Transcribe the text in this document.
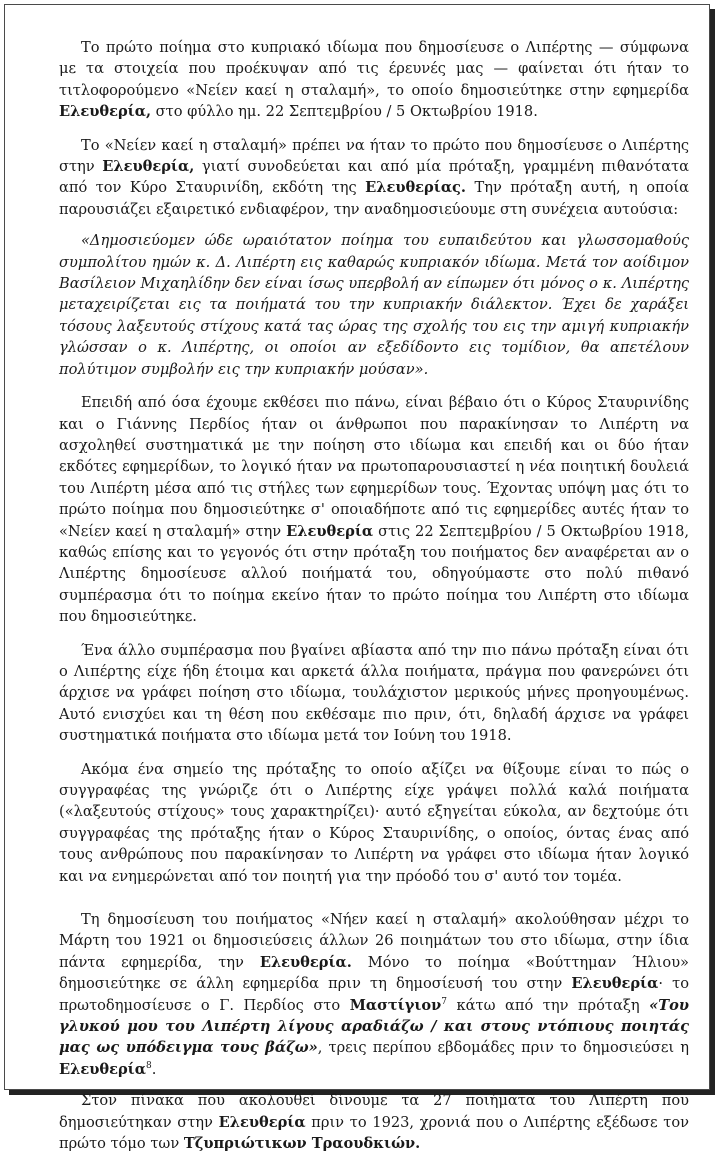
Το πρώτο ποίημα στο κυπριακό ιδίωμα που δημοσίευσε ο Λιπέρτης — σύμφωνα με τα στοιχεία που προέκυψαν από τις έρευνές μας — φαίνεται ότι ήταν το τιτλοφορούμενο «Νείεν καεί η σταλαμή», το οποίο δημοσιεύτηκε στην εφημερίδα Ελευθερία, στο φύλλο ημ. 22 Σεπτεμβρίου / 5 Οκτωβρίου 1918.

Το «Νείεν καεί η σταλαμή» πρέπει να ήταν το πρώτο που δημοσίευσε ο Λιπέρτης στην Ελευθερία, γιατί συνοδεύεται και από μία πρόταξη, γραμμένη πιθανότατα από τον Κύρο Σταυρινίδη, εκδότη της Ελευθερίας. Την πρόταξη αυτή, η οποία παρουσιάζει εξαιρετικό ενδιαφέρον, την αναδημοσιεύουμε στη συνέχεια αυτούσια:

«Δημοσιεύομεν ώδε ωραιότατον ποίημα του ευπαιδεύτου και γλωσσομαθούς συμπολίτου ημών κ. Δ. Λιπέρτη εις καθαρώς κυπριακόν ιδίωμα. Μετά τον αοίδιμον Βασίλειον Μιχαηλίδην δεν είναι ίσως υπερβολή αν είπωμεν ότι μόνος ο κ. Λιπέρτης μεταχειρίζεται εις τα ποιήματά του την κυπριακήν διάλεκτον. Έχει δε χαράξει τόσους λαξευτούς στίχους κατά τας ώρας της σχολής του εις την αμιγή κυπριακήν γλώσσαν ο κ. Λιπέρτης, οι οποίοι αν εξεδίδοντο εις τομίδιον, θα απετέλουν πολύτιμον συμβολήν εις την κυπριακήν μούσαν».

Επειδή από όσα έχουμε εκθέσει πιο πάνω, είναι βέβαιο ότι ο Κύρος Σταυρινίδης και ο Γιάννης Περδίος ήταν οι άνθρωποι που παρακίνησαν το Λιπέρτη να ασχοληθεί συστηματικά με την ποίηση στο ιδίωμα και επειδή και οι δύο ήταν εκδότες εφημερίδων, το λογικό ήταν να πρωτοπαρουσιαστεί η νέα ποιητική δουλειά του Λιπέρτη μέσα από τις στήλες των εφημερίδων τους. Έχοντας υπόψη μας ότι το πρώτο ποίημα που δημοσιεύτηκε σ' οποιαδήποτε από τις εφημερίδες αυτές ήταν το «Νείεν καεί η σταλαμή» στην Ελευθερία στις 22 Σεπτεμβρίου / 5 Οκτωβρίου 1918, καθώς επίσης και το γεγονός ότι στην πρόταξη του ποιήματος δεν αναφέρεται αν ο Λιπέρτης δημοσίευσε αλλού ποιήματά του, οδηγούμαστε στο πολύ πιθανό συμπέρασμα ότι το ποίημα εκείνο ήταν το πρώτο ποίημα του Λιπέρτη στο ιδίωμα που δημοσιεύτηκε.

Ένα άλλο συμπέρασμα που βγαίνει αβίαστα από την πιο πάνω πρόταξη είναι ότι ο Λιπέρτης είχε ήδη έτοιμα και αρκετά άλλα ποιήματα, πράγμα που φανερώνει ότι άρχισε να γράφει ποίηση στο ιδίωμα, τουλάχιστον μερικούς μήνες προηγουμένως. Αυτό ενισχύει και τη θέση που εκθέσαμε πιο πριν, ότι, δηλαδή άρχισε να γράφει συστηματικά ποιήματα στο ιδίωμα μετά τον Ιούνη του 1918.

Ακόμα ένα σημείο της πρόταξης το οποίο αξίζει να θίξουμε είναι το πώς ο συγγραφέας της γνώριζε ότι ο Λιπέρτης είχε γράψει πολλά καλά ποιήματα («λαξευτούς στίχους» τους χαρακτηρίζει)· αυτό εξηγείται εύκολα, αν δεχτούμε ότι συγγραφέας της πρόταξης ήταν ο Κύρος Σταυρινίδης, ο οποίος, όντας ένας από τους ανθρώπους που παρακίνησαν το Λιπέρτη να γράφει στο ιδίωμα ήταν λογικό και να ενημερώνεται από τον ποιητή για την πρόοδό του σ' αυτό τον τομέα.

Τη δημοσίευση του ποιήματος «Νήεν καεί η σταλαμή» ακολούθησαν μέχρι το Μάρτη του 1921 οι δημοσιεύσεις άλλων 26 ποιημάτων του στο ιδίωμα, στην ίδια πάντα εφημερίδα, την Ελευθερία. Μόνο το ποίημα «Βούττημαν Ήλιου» δημοσιεύτηκε σε άλλη εφημερίδα πριν τη δημοσίευσή του στην Ελευθερία· το πρωτοδημοσίευσε ο Γ. Περδίος στο Μαστίγιον$^7$ κάτω από την πρόταξη «Του γλυκού μου του Λιπέρτη λίγους αραδιάζω / και στους ντόπιους ποιητάς μας ως υπόδειγμα τους βάζω», τρεις περίπου εβδομάδες πριν το δημοσιεύσει η Ελευθερία$^8$.

Στον πίνακα που ακολουθεί δίνουμε τα 27 ποιήματα του Λιπέρτη που δημοσιεύτηκαν στην Ελευθερία πριν το 1923, χρονιά που ο Λιπέρτης εξέδωσε τον πρώτο τόμο των Τζυπριώτικων Τραουδκιών.
